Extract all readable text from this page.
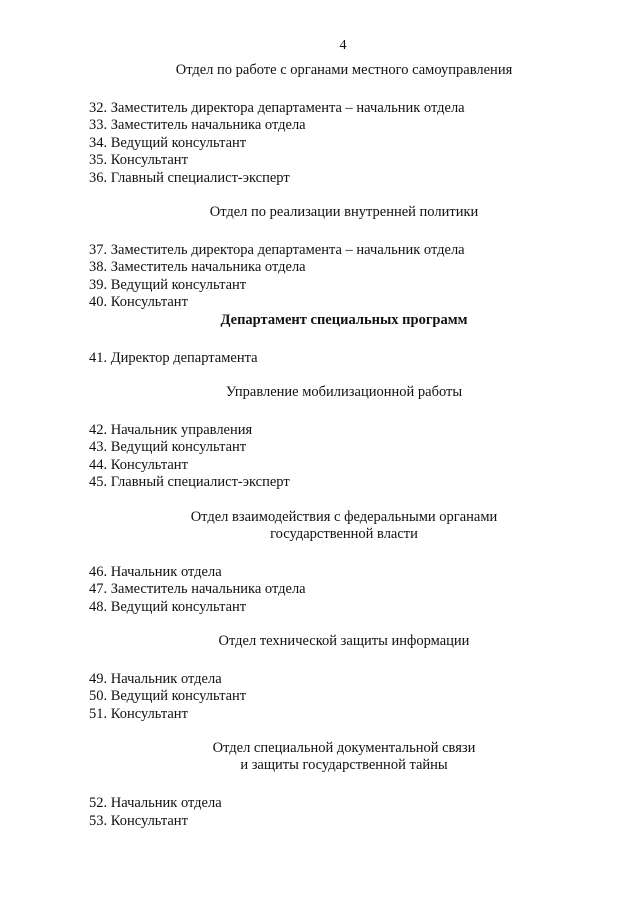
4

Отдел по работе с органами местного самоуправления

32. Заместитель директора департамента – начальник отдела
33. Заместитель начальника отдела
34. Ведущий консультант
35. Консультант
36. Главный специалист-эксперт

Отдел по реализации внутренней политики

37. Заместитель директора департамента – начальник отдела
38. Заместитель начальника отдела
39. Ведущий консультант
40. Консультант

Департамент специальных программ

41. Директор департамента

Управление мобилизационной работы

42. Начальник управления
43. Ведущий консультант
44. Консультант
45. Главный специалист-эксперт

Отдел взаимодействия с федеральными органами

государственной власти

46. Начальник отдела
47. Заместитель начальника отдела
48. Ведущий консультант

Отдел технической защиты информации

49. Начальник отдела
50. Ведущий консультант
51. Консультант

Отдел специальной документальной связи

и защиты государственной тайны

52. Начальник отдела
53. Консультант
